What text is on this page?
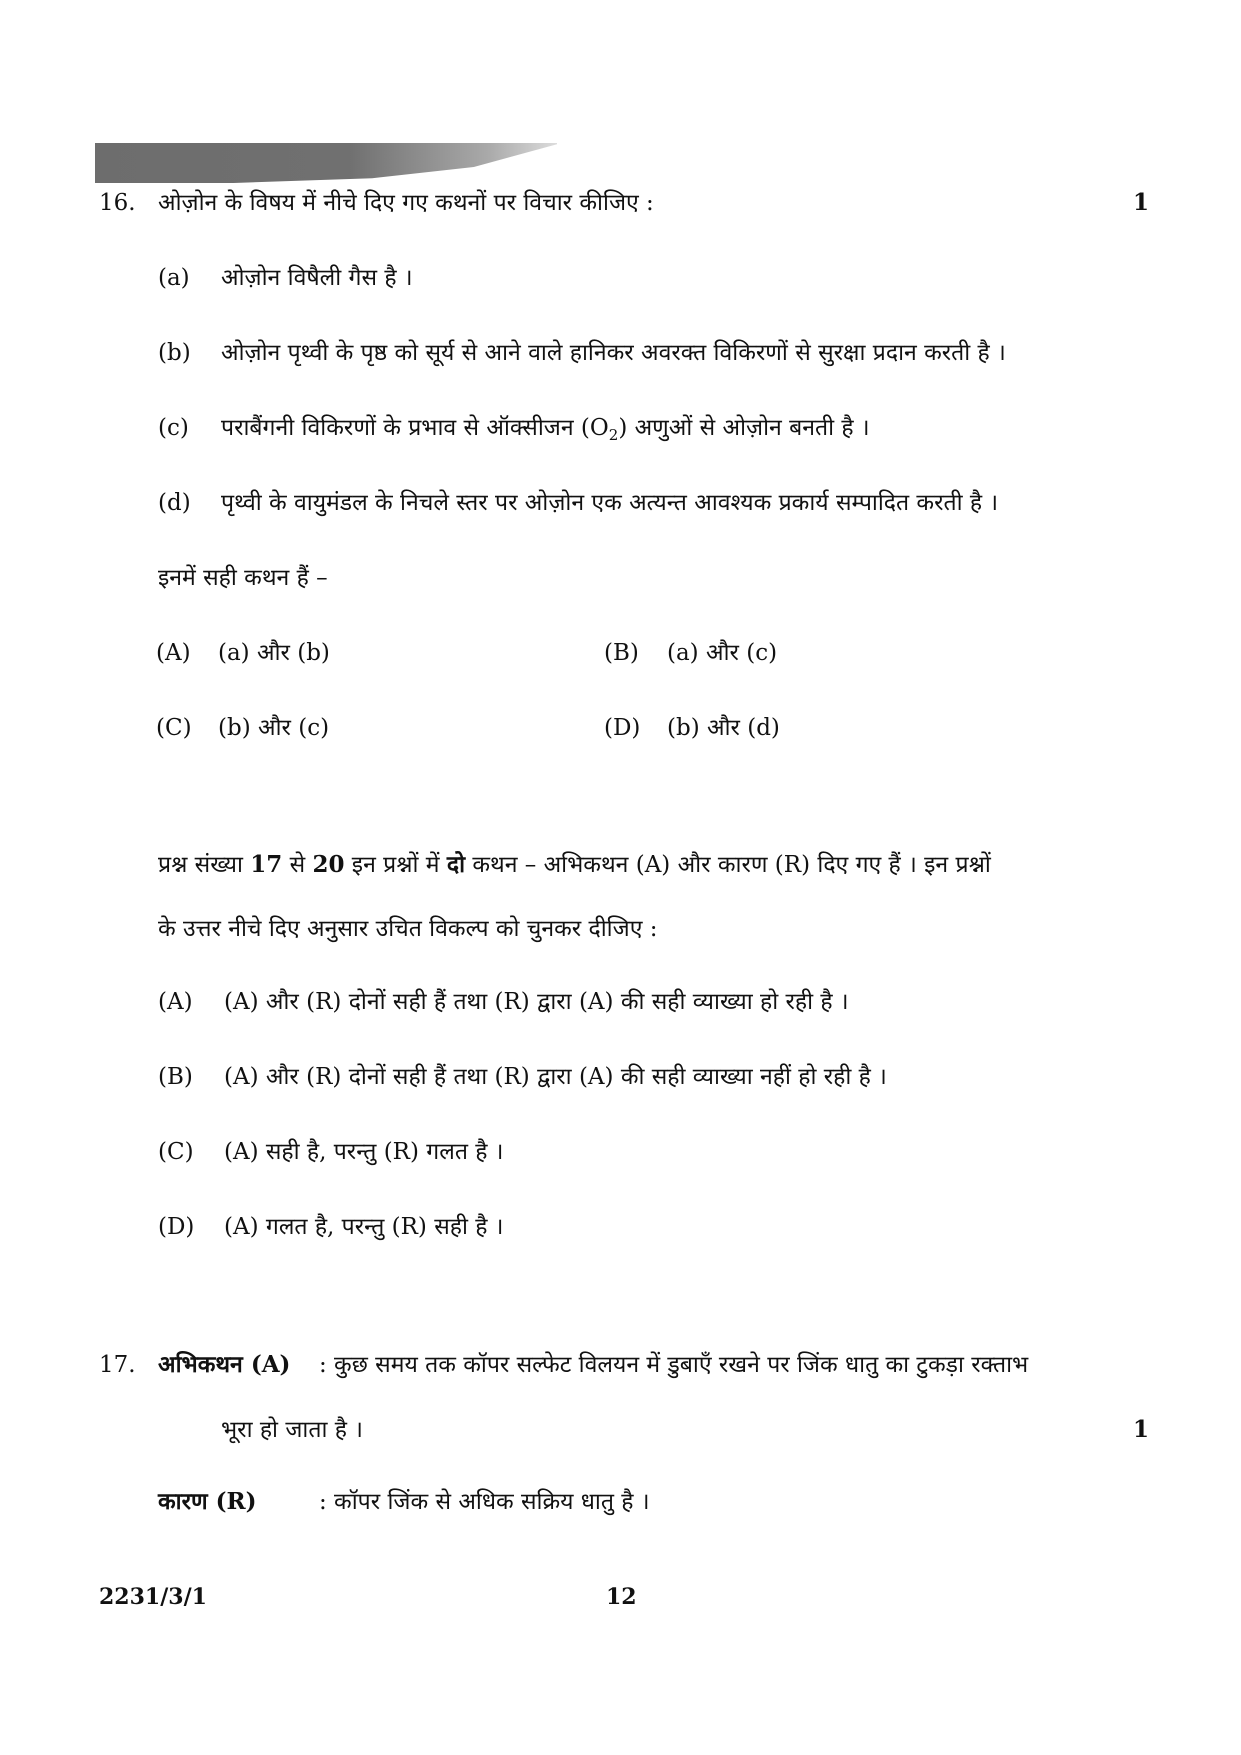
16. ओज़ोन के विषय में नीचे दिए गए कथनों पर विचार कीजिए :	1
(a) ओज़ोन विषैली गैस है ।
(b) ओज़ोन पृथ्वी के पृष्ठ को सूर्य से आने वाले हानिकर अवरक्त विकिरणों से सुरक्षा प्रदान करती है ।
(c) पराबैंगनी विकिरणों के प्रभाव से ऑक्सीजन $(O_2)$ अणुओं से ओज़ोन बनती है ।
(d) पृथ्वी के वायुमंडल के निचले स्तर पर ओज़ोन एक अत्यन्त आवश्यक प्रकार्य सम्पादित करती है ।
इनमें सही कथन हैं –
(A) (a) और (b)	(B) (a) और (c)
(C) (b) और (c)	(D) (b) और (d)
प्रश्न संख्या 17 से 20 इन प्रश्नों में दो कथन – अभिकथन (A) और कारण (R) दिए गए हैं । इन प्रश्नों
के उत्तर नीचे दिए अनुसार उचित विकल्प को चुनकर दीजिए :
(A) (A) और (R) दोनों सही हैं तथा (R) द्वारा (A) की सही व्याख्या हो रही है ।
(B) (A) और (R) दोनों सही हैं तथा (R) द्वारा (A) की सही व्याख्या नहीं हो रही है ।
(C) (A) सही है, परन्तु (R) गलत है ।
(D) (A) गलत है, परन्तु (R) सही है ।
17. अभिकथन (A) : कुछ समय तक कॉपर सल्फेट विलयन में डुबाएँ रखने पर जिंक धातु का टुकड़ा रक्ताभ
भूरा हो जाता है ।	1
कारण (R)	: कॉपर जिंक से अधिक सक्रिय धातु है ।
2231/3/1	12
